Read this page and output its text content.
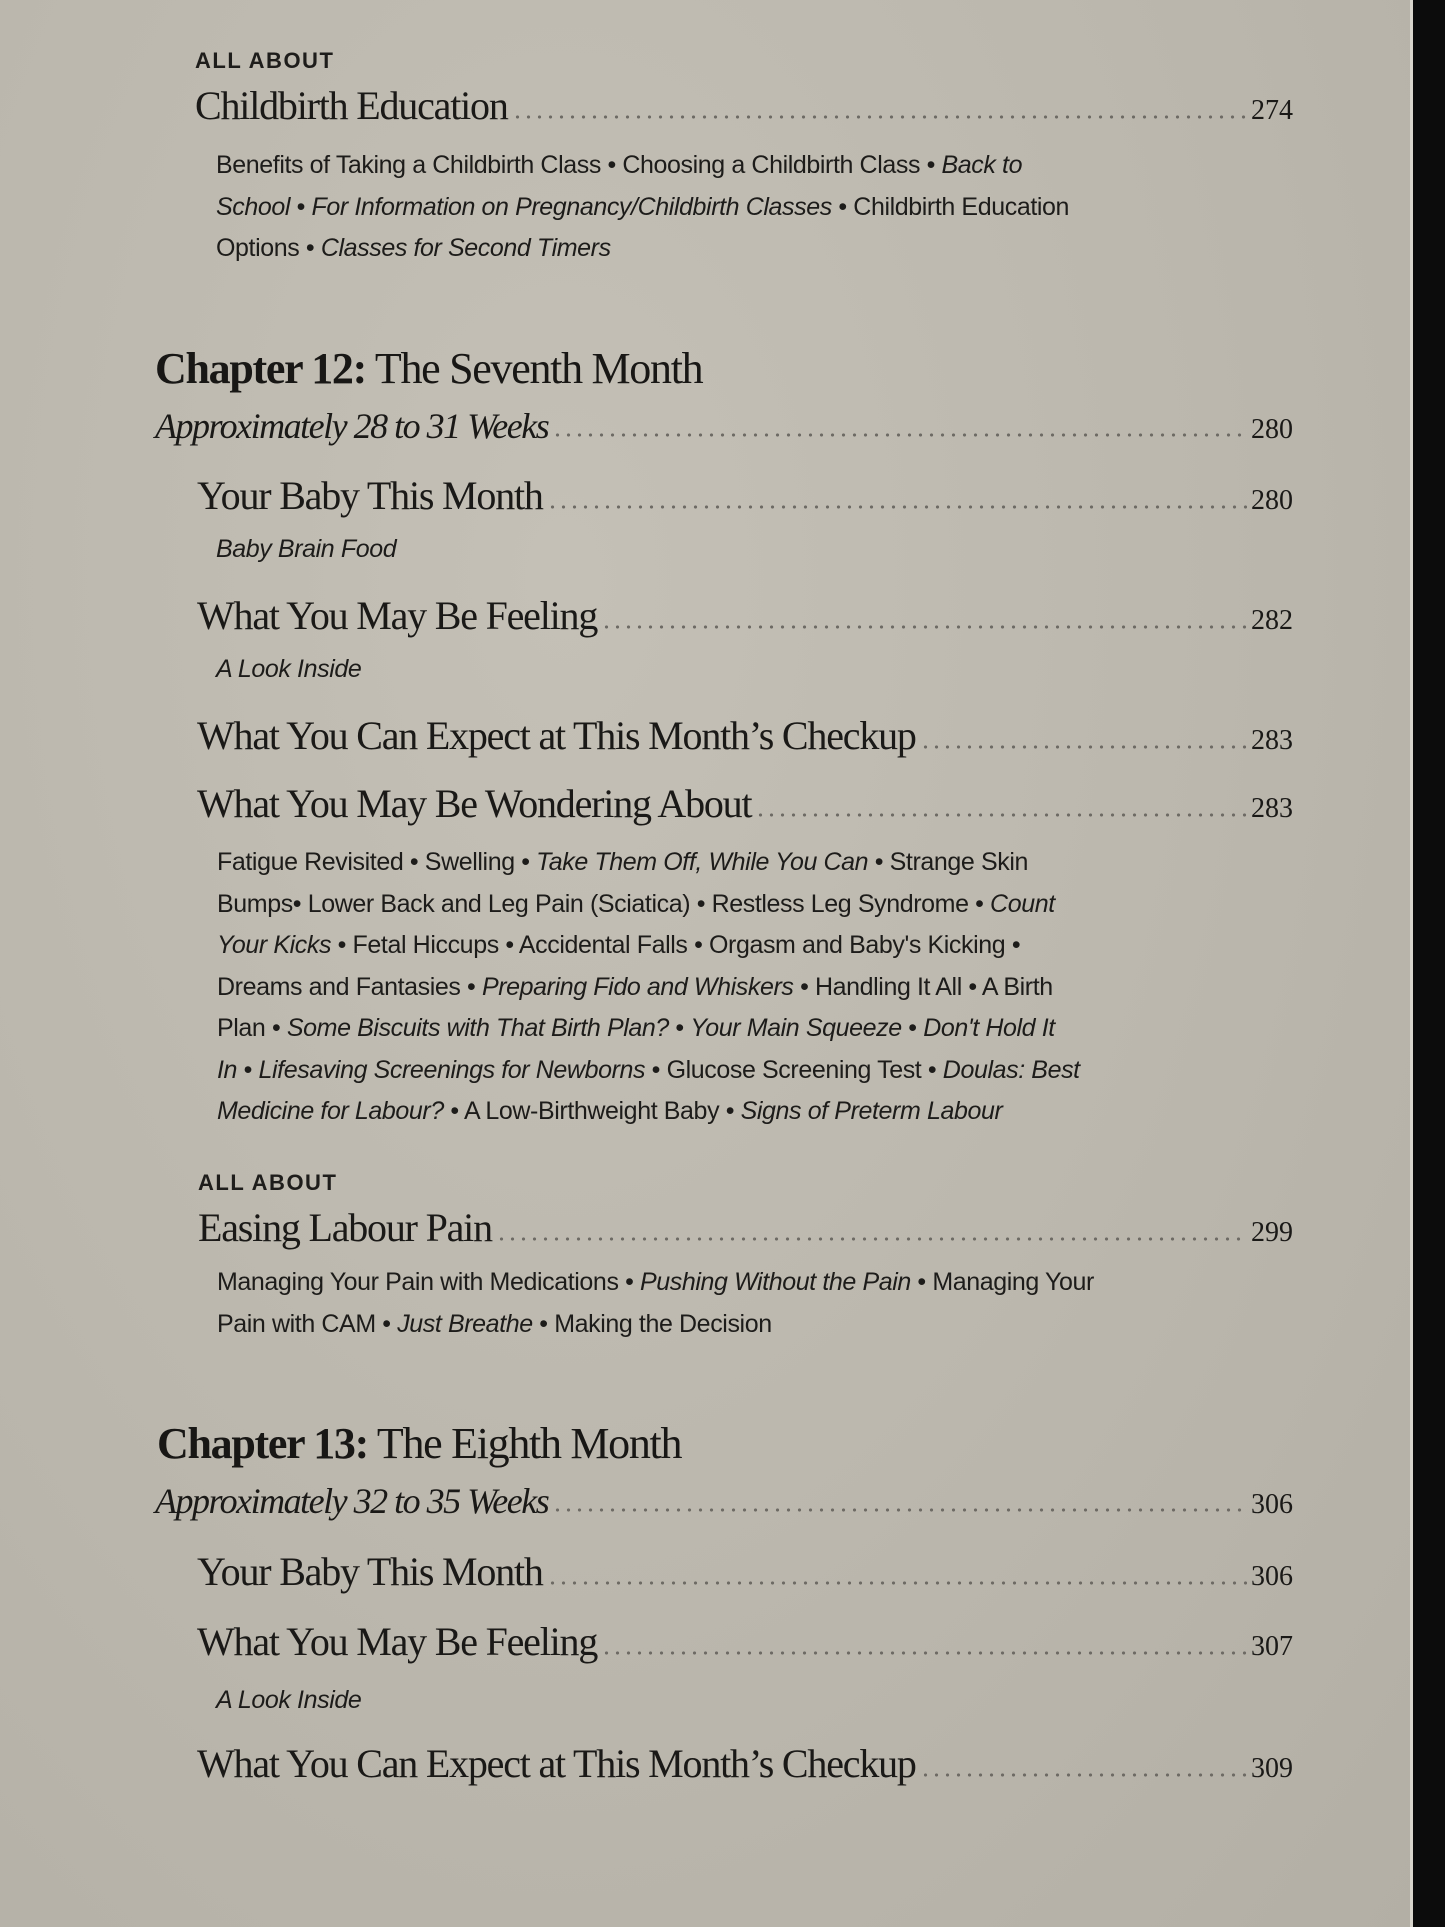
ALL ABOUT
Childbirth Education	274
Benefits of Taking a Childbirth Class • Choosing a Childbirth Class • Back to
School • For Information on Pregnancy/Childbirth Classes • Childbirth Education
Options • Classes for Second Timers
Chapter 12: The Seventh Month
Approximately 28 to 31 Weeks	280
Your Baby This Month	280
Baby Brain Food
What You May Be Feeling	282
A Look Inside
What You Can Expect at This Month’s Checkup	283
What You May Be Wondering About	283
Fatigue Revisited • Swelling • Take Them Off, While You Can • Strange Skin
Bumps• Lower Back and Leg Pain (Sciatica) • Restless Leg Syndrome • Count
Your Kicks • Fetal Hiccups • Accidental Falls • Orgasm and Baby's Kicking •
Dreams and Fantasies • Preparing Fido and Whiskers • Handling It All • A Birth
Plan • Some Biscuits with That Birth Plan? • Your Main Squeeze • Don't Hold It
In • Lifesaving Screenings for Newborns • Glucose Screening Test • Doulas: Best
Medicine for Labour? • A Low-Birthweight Baby • Signs of Preterm Labour
ALL ABOUT
Easing Labour Pain	299
Managing Your Pain with Medications • Pushing Without the Pain • Managing Your
Pain with CAM • Just Breathe • Making the Decision
Chapter 13: The Eighth Month
Approximately 32 to 35 Weeks	306
Your Baby This Month	306
What You May Be Feeling	307
A Look Inside
What You Can Expect at This Month’s Checkup	309
